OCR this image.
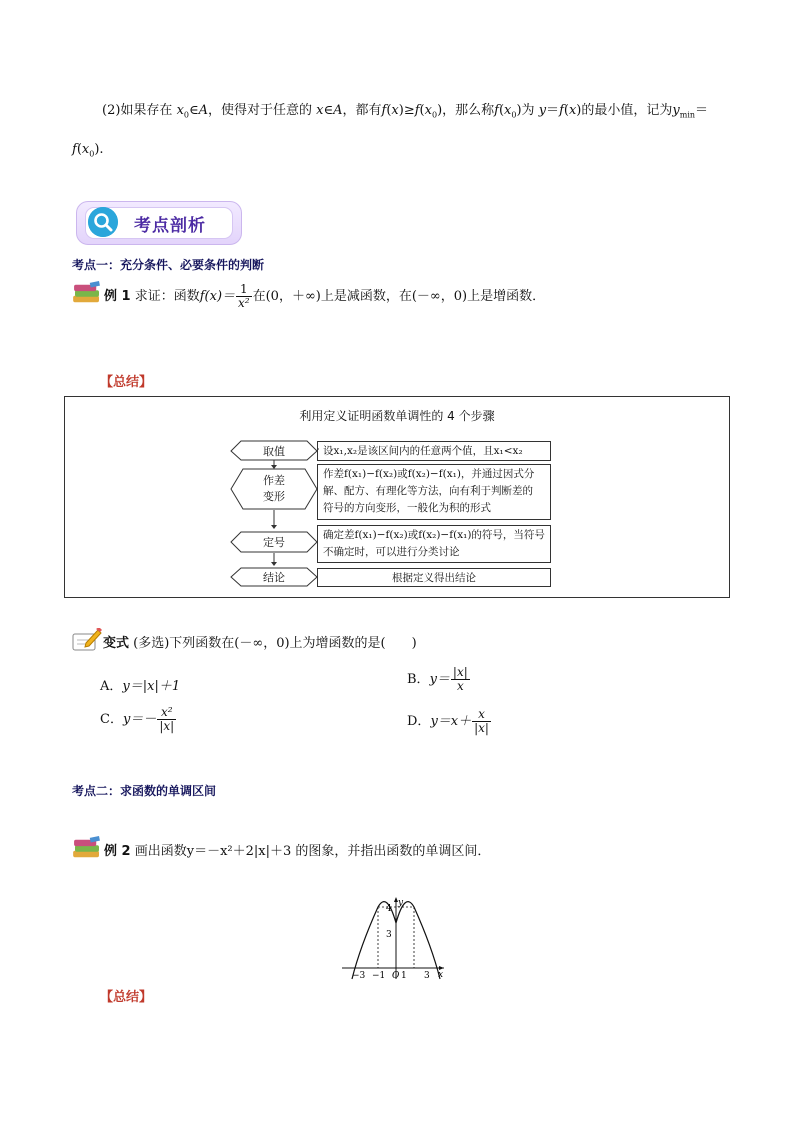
(2)如果存在 $x_0\in A$，使得对于任意的 x∈A，都有$f(x)\ge f(x_0)$，那么称$f(x_0)$为 y＝f(x)的最小值，记为$y_{min}=$
$f(x_0)$.
考点剖析
考点一：充分条件、必要条件的判断
例 1 求证：函数$f(x)= \frac{1}{\text{x²}}$ 在(0，＋∞)上是减函数，在(－∞，0)上是增函数．
【总结】
利用定义证明函数单调性的 4 个步骤
取值
作差
变形
定号
结论
设x₁,x₂是该区间内的任意两个值，且x₁<x₂
作差f(x₁)−f(x₂)或f(x₂)−f(x₁)，并通过因式分
解、配方、有理化等方法，向有利于判断差的
符号的方向变形，一般化为积的形式
确定差f(x₁)−f(x₂)或f(x₂)−f(x₁)的符号，当符号
不确定时，可以进行分类讨论
根据定义得出结论
变式 (多选)下列函数在(－∞，0)上为增函数的是(　　)
A．y＝|x|＋1	B．$y= \frac{|x|}{x}$
C．$y=- \frac{\text{x²}}{|x|}$	D．$y=x+ \frac{x}{|x|}$
考点二：求函数的单调区间
例 2 画出函数y＝－x²＋2|x|＋3 的图象，并指出函数的单调区间．
y
x
4
3
−3 −1 O 1 3
【总结】
